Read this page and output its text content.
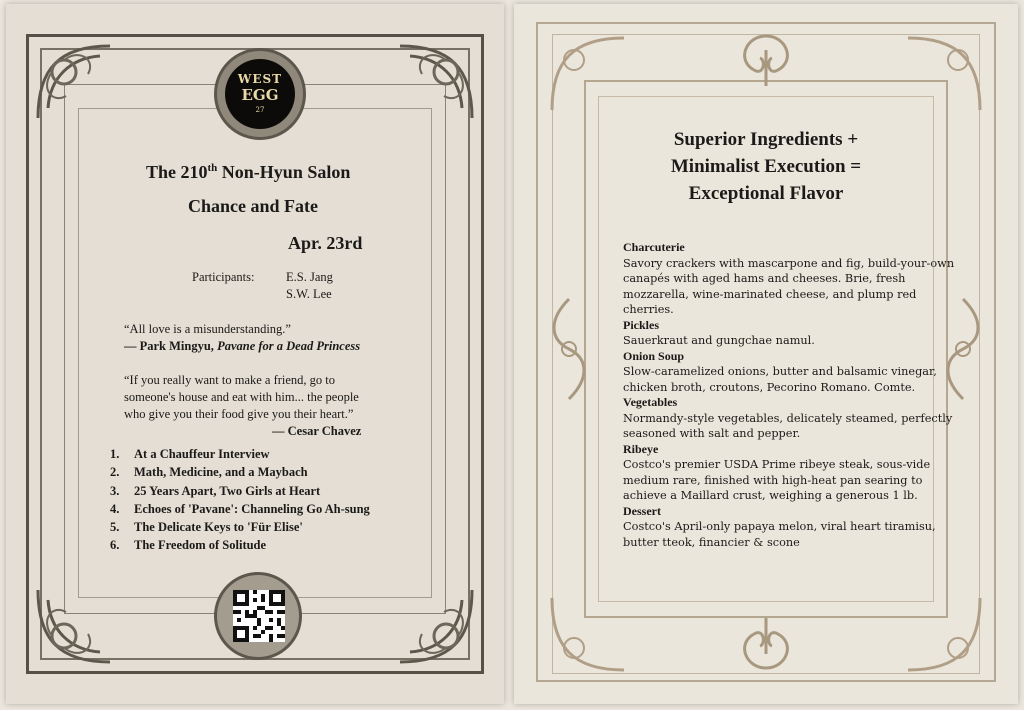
WEST
EGG
27
The 210th Non-Hyun Salon
Chance and Fate
Apr. 23rd
Participants:	E.S. Jang
S.W. Lee
“All love is a misunderstanding.”
— Park Mingyu, Pavane for a Dead Princess
“If you really want to make a friend, go to
someone's house and eat with him... the people
who give you their food give you their heart.”
— Cesar Chavez
1. At a Chauffeur Interview
2. Math, Medicine, and a Maybach
3. 25 Years Apart, Two Girls at Heart
4. Echoes of 'Pavane': Channeling Go Ah-sung
5. The Delicate Keys to 'Für Elise'
6. The Freedom of Solitude
Superior Ingredients +
Minimalist Execution =
Exceptional Flavor
Charcuterie
Savory crackers with mascarpone and fig, build-your-own canapés with aged hams and cheeses. Brie, fresh mozzarella, wine-marinated cheese, and plump red cherries.
Pickles
Sauerkraut and gungchae namul.
Onion Soup
Slow-caramelized onions, butter and balsamic vinegar, chicken broth, croutons, Pecorino Romano. Comte.
Vegetables
Normandy-style vegetables, delicately steamed, perfectly seasoned with salt and pepper.
Ribeye
Costco's premier USDA Prime ribeye steak, sous-vide medium rare, finished with high-heat pan searing to achieve a Maillard crust, weighing a generous 1 lb.
Dessert
Costco's April-only papaya melon, viral heart tiramisu, butter tteok, financier & scone
